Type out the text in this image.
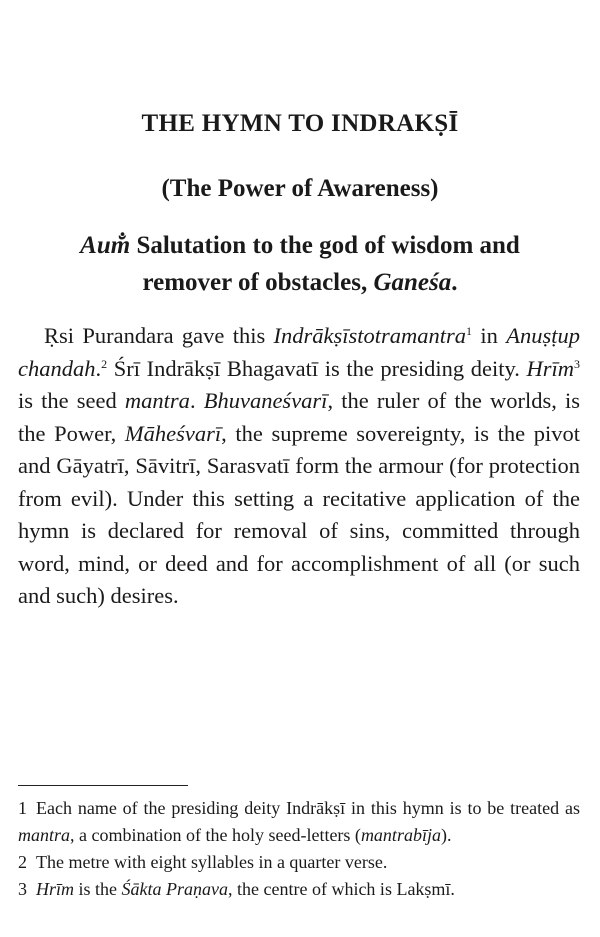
THE HYMN TO INDRAKṢĪ
(The Power of Awareness)

Aum̐ Salutation to the god of wisdom and remover of obstacles, Ganeśa.

Ṛsi Purandara gave this Indrākṣīstotramantra$^1$ in Anuṣṭup chandah.$^2$ Śrī Indrākṣī Bhagavatī is the presiding deity. Hrīm$^3$ is the seed mantra. Bhuvaneśvarī, the ruler of the worlds, is the Power, Māheśvarī, the supreme sovereignty, is the pivot and Gāyatrī, Sāvitrī, Sarasvatī form the armour (for protection from evil). Under this setting a recitative application of the hymn is declared for removal of sins, committed through word, mind, or deed and for accomplishment of all (or such and such) desires.

1 Each name of the presiding deity Indrākṣī in this hymn is to be treated as mantra, a combination of the holy seed-letters (mantrabīja).

2 The metre with eight syllables in a quarter verse.

3 Hrīm is the Śākta Praṇava, the centre of which is Lakṣmī.
